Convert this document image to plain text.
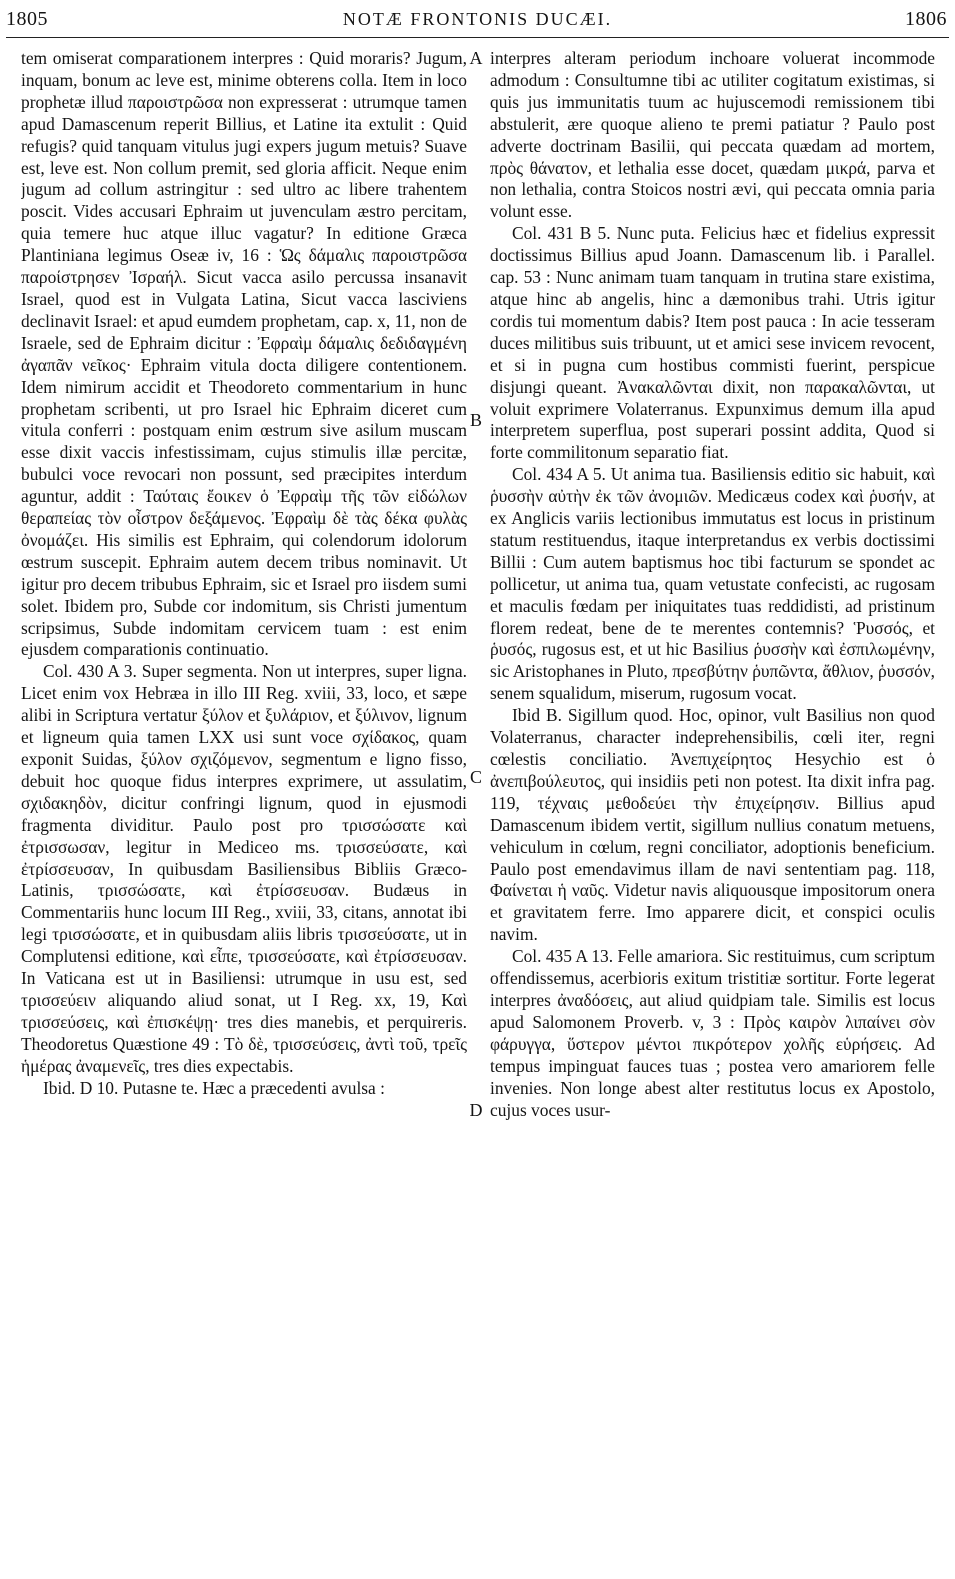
1805	NOTÆ FRONTONIS DUCÆI.	1806
A
B
C
D

tem omiserat comparationem interpres : Quid moraris? Jugum, inquam, bonum ac leve est, minime obterens colla. Item in loco prophetæ illud παροιστρῶσα non expresserat : utrumque tamen apud Damascenum reperit Billius, et Latine ita extulit : Quid refugis? quid tanquam vitulus jugi expers jugum metuis? Suave est, leve est. Non collum premit, sed gloria afficit. Neque enim jugum ad collum astringitur : sed ultro ac libere trahentem poscit. Vides accusari Ephraim ut juvenculam æstro percitam, quia temere huc atque illuc vagatur? In editione Græca Plantiniana legimus Oseæ iv, 16 : Ὡς δάμαλις παροιστρῶσα παροίστρησεν Ἰσραήλ. Sicut vacca asilo percussa insanavit Israel, quod est in Vulgata Latina, Sicut vacca lasciviens declinavit Israel: et apud eumdem prophetam, cap. x, 11, non de Israele, sed de Ephraim dicitur : Ἐφραὶμ δάμαλις δεδιδαγμένη ἀγαπᾶν νεῖκος· Ephraim vitula docta diligere contentionem. Idem nimirum accidit et Theodoreto commentarium in hunc prophetam scribenti, ut pro Israel hic Ephraim diceret cum vitula conferri : postquam enim œstrum sive asilum muscam esse dixit vaccis infestissimam, cujus stimulis illæ percitæ, bubulci voce revocari non possunt, sed præcipites interdum aguntur, addit : Ταύταις ἔοικεν ὁ Ἐφραὶμ τῆς τῶν εἰδώλων θεραπείας τὸν οἶστρον δεξάμενος. Ἐφραὶμ δὲ τὰς δέκα φυλὰς ὀνομάζει. His similis est Ephraim, qui colendorum idolorum œstrum suscepit. Ephraim autem decem tribus nominavit. Ut igitur pro decem tribubus Ephraim, sic et Israel pro iisdem sumi solet. Ibidem pro, Subde cor indomitum, sis Christi jumentum scripsimus, Subde indomitam cervicem tuam : est enim ejusdem comparationis continuatio.

Col. 430 A 3. Super segmenta. Non ut interpres, super ligna. Licet enim vox Hebræa in illo III Reg. xviii, 33, loco, et sæpe alibi in Scriptura vertatur ξύλον et ξυλάριον, et ξύλινον, lignum et ligneum quia tamen LXX usi sunt voce σχίδακος, quam exponit Suidas, ξύλον σχιζόμενον, segmentum e ligno fisso, debuit hoc quoque fidus interpres exprimere, ut assulatim, σχιδακηδὸν, dicitur confringi lignum, quod in ejusmodi fragmenta dividitur. Paulo post pro τρισσώσατε καὶ ἐτρισσωσαν, legitur in Mediceo ms. τρισσεύσατε, καὶ ἐτρίσσευσαν, In quibusdam Basiliensibus Bibliis Græco-Latinis, τρισσώσατε, καὶ ἐτρίσσευσαν. Budæus in Commentariis hunc locum III Reg., xviii, 33, citans, annotat ibi legi τρισσώσατε, et in quibusdam aliis libris τρισσεύσατε, ut in Complutensi editione, καὶ εἶπε, τρισσεύσατε, καὶ ἐτρίσσευσαν. In Vaticana est ut in Basiliensi: utrumque in usu est, sed τρισσεύειν aliquando aliud sonat, ut I Reg. xx, 19, Καὶ τρισσεύσεις, καὶ ἐπισκέψῃ· tres dies manebis, et perquireris. Theodoretus Quæstione 49 : Τὸ δὲ, τρισσεύσεις, ἀντὶ τοῦ, τρεῖς ἡμέρας ἀναμενεῖς, tres dies expectabis.

Ibid. D 10. Putasne te. Hæc a præcedenti avulsa :

interpres alteram periodum inchoare voluerat incommode admodum : Consultumne tibi ac utiliter cogitatum existimas, si quis jus immunitatis tuum ac hujuscemodi remissionem tibi abstulerit, ære quoque alieno te premi patiatur ? Paulo post adverte doctrinam Basilii, qui peccata quædam ad mortem, πρὸς θάνατον, et lethalia esse docet, quædam μικρά, parva et non lethalia, contra Stoicos nostri ævi, qui peccata omnia paria volunt esse.

Col. 431 B 5. Nunc puta. Felicius hæc et fidelius expressit doctissimus Billius apud Joann. Damascenum lib. i Parallel. cap. 53 : Nunc animam tuam tanquam in trutina stare existima, atque hinc ab angelis, hinc a dæmonibus trahi. Utris igitur cordis tui momentum dabis? Item post pauca : In acie tesseram duces militibus suis tribuunt, ut et amici sese invicem revocent, et si in pugna cum hostibus commisti fuerint, perspicue disjungi queant. Ἀνακαλῶνται dixit, non παρακαλῶνται, ut voluit exprimere Volaterranus. Expunximus demum illa apud interpretem superflua, post superari possint addita, Quod si forte commilitonum separatio fiat.

Col. 434 A 5. Ut anima tua. Basiliensis editio sic habuit, καὶ ῥυσσὴν αὐτὴν ἐκ τῶν ἀνομιῶν. Medicæus codex καὶ ῥυσήν, at ex Anglicis variis lectionibus immutatus est locus in pristinum statum restituendus, itaque interpretandus ex verbis doctissimi Billii : Cum autem baptismus hoc tibi facturum se spondet ac pollicetur, ut anima tua, quam vetustate confecisti, ac rugosam et maculis fœdam per iniquitates tuas reddidisti, ad pristinum florem redeat, bene de te merentes contemnis? Ῥυσσός, et ῥυσός, rugosus est, et ut hic Basilius ῥυσσὴν καὶ ἐσπιλωμένην, sic Aristophanes in Pluto, πρεσβύτην ῥυπῶντα, ἄθλιον, ῥυσσόν, senem squalidum, miserum, rugosum vocat.

Ibid B. Sigillum quod. Hoc, opinor, vult Basilius non quod Volaterranus, character indeprehensibilis, cœli iter, regni cœlestis conciliatio. Ἀνεπιχείρητος Hesychio est ὁ ἀνεπιβούλευτος, qui insidiis peti non potest. Ita dixit infra pag. 119, τέχναις μεθοδεύει τὴν ἐπιχείρησιν. Billius apud Damascenum ibidem vertit, sigillum nullius conatum metuens, vehiculum in cœlum, regni conciliator, adoptionis beneficium. Paulo post emendavimus illam de navi sententiam pag. 118, Φαίνεται ἡ ναῦς. Videtur navis aliquousque impositorum onera et gravitatem ferre. Imo apparere dicit, et conspici oculis navim.

Col. 435 A 13. Felle amariora. Sic restituimus, cum scriptum offendissemus, acerbioris exitum tristitiæ sortitur. Forte legerat interpres ἀναδόσεις, aut aliud quidpiam tale. Similis est locus apud Salomonem Proverb. v, 3 : Πρὸς καιρὸν λιπαίνει σὸν φάρυγγα, ὕστερον μέντοι πικρότερον χολῆς εὑρήσεις. Ad tempus impinguat fauces tuas ; postea vero amariorem felle invenies. Non longe abest alter restitutus locus ex Apostolo, cujus voces usur-
